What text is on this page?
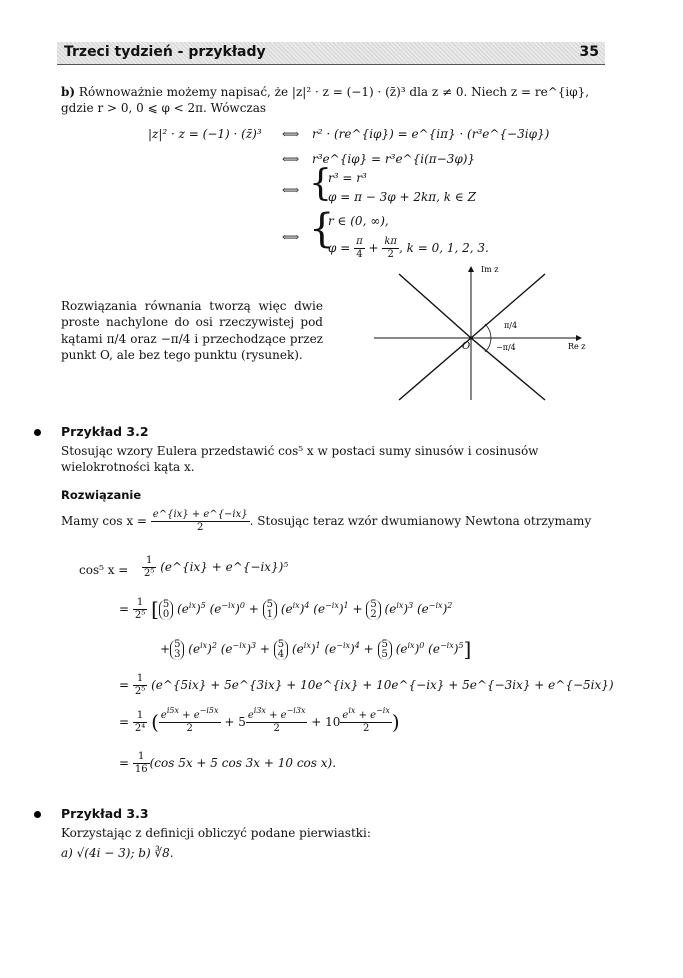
Trzeci tydzień - przykłady	35
b) Równoważnie możemy napisać, że |z|² · z = (−1) · (z̄)³ dla z ≠ 0. Niech z = re^{iφ},
gdzie r > 0, 0 ⩽ φ < 2π. Wówczas
|z|² · z = (−1) · (z̄)³ ⟺ r² · (re^{iφ}) = e^{iπ} · (r³e^{−3iφ})
⟺ r³e^{iφ} = r³e^{i(π−3φ)}
⟺ {
r³ = r³
φ = π − 3φ + 2kπ, k ∈ Z
⟺ {
r ∈ (0, ∞),
$\varphi = \frac{\pi}{4} + \frac{k\pi}{2}$ , k = 0, 1, 2, 3.
Rozwiązania równania tworzą więc dwie proste nachylone do osi rzeczywistej pod kątami π/4 oraz −π/4 i przechodzące przez punkt O, ale bez tego punktu (rysunek).
Im z
Re z
O
π/4
−π/4
Przykład 3.2
Stosując wzory Eulera przedstawić cos⁵ x w postaci sumy sinusów i cosinusów
wielokrotności kąta x.
Rozwiązanie
Mamy $\cos x = \frac{e\^{}\{ix\} + e\^{}\{-ix\}}{2}$ . Stosując teraz wzór dwumianowy Newtona otrzymamy
cos⁵ $x = \frac{1}{\text{2⁵}}$ (e^{ix} + e^{−ix})⁵
= $\frac{1}{\text{2⁵}}$ [ 5
0 $(e^{ix})^5$ $(e^{-ix})^0 + 5$
1 $(e^{ix})^4$ $(e^{-ix})^1 + 5$
2 $(e^{ix})^3$ $(e^{-ix})^2$
+ 5
3 $(e^{ix})^2$ $(e^{-ix})^3 + 5$
4 $(e^{ix})^1$ $(e^{-ix})^4 + 5$
5 $(e^{ix})^0$ $(e^{-ix})^5$]
= $\frac{1}{\text{2⁵}}$ (e^{5ix} + 5e^{3ix} + 10e^{ix} + 10e^{−ix} + 5e^{−3ix} + e^{−5ix})
= $\frac{1}{\text{2⁴}}$ ( $\frac{e^{i5x} + e^{-i5x}}{2} + 5 \frac{e^{i3x} + e^{-i3x}}{2} + 10 \frac{e^{ix} + e^{-ix}}{2}$ )
= $\frac{1}{16} (\cos$ 5x + 5 cos 3x + 10 cos x).
Przykład 3.3
Korzystając z definicji obliczyć podane pierwiastki:
a) √(4i − 3); b) ∛8.
